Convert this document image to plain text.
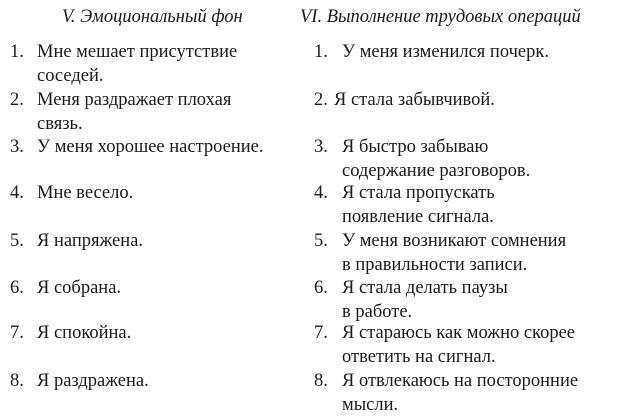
V. Эмоциональный фон
1. Мне мешает присутствие
соседей.
2. Меня раздражает плохая
связь.
3. У меня хорошее настроение.
4. Мне весело.
5. Я напряжена.
6. Я собрана.
7. Я спокойна.
8. Я раздражена.
VI. Выполнение трудовых операций
1. У меня изменился почерк.
2. Я стала забывчивой.
3. Я быстро забываю
содержание разговоров.
4. Я стала пропускать
появление сигнала.
5. У меня возникают сомнения
в правильности записи.
6. Я стала делать паузы
в работе.
7. Я стараюсь как можно скорее
ответить на сигнал.
8. Я отвлекаюсь на посторонние
мысли.
